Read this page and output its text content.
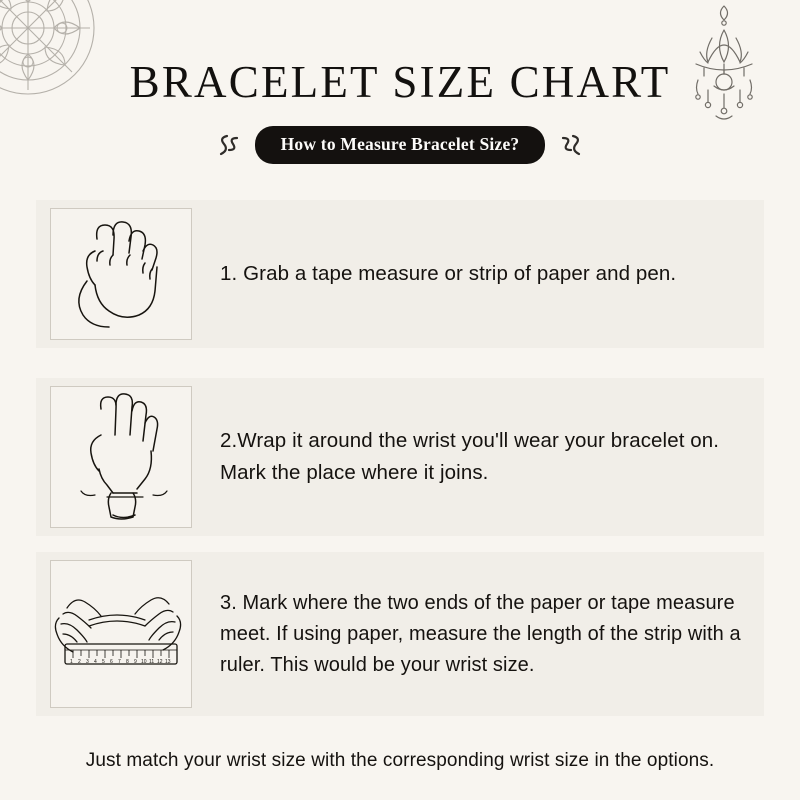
BRACELET SIZE CHART
How to Measure Bracelet Size?
1. Grab a tape measure or strip of paper and pen.
2.Wrap it around the wrist you'll wear your bracelet on. Mark the place where it joins.
1 2 3 4 5 6 7 8 9 10 11 12 13
3. Mark where the two ends of the paper or tape measure meet. If using paper, measure the length of the strip with a ruler. This would be your wrist size.
Just match your wrist size with the corresponding wrist size in the options.
